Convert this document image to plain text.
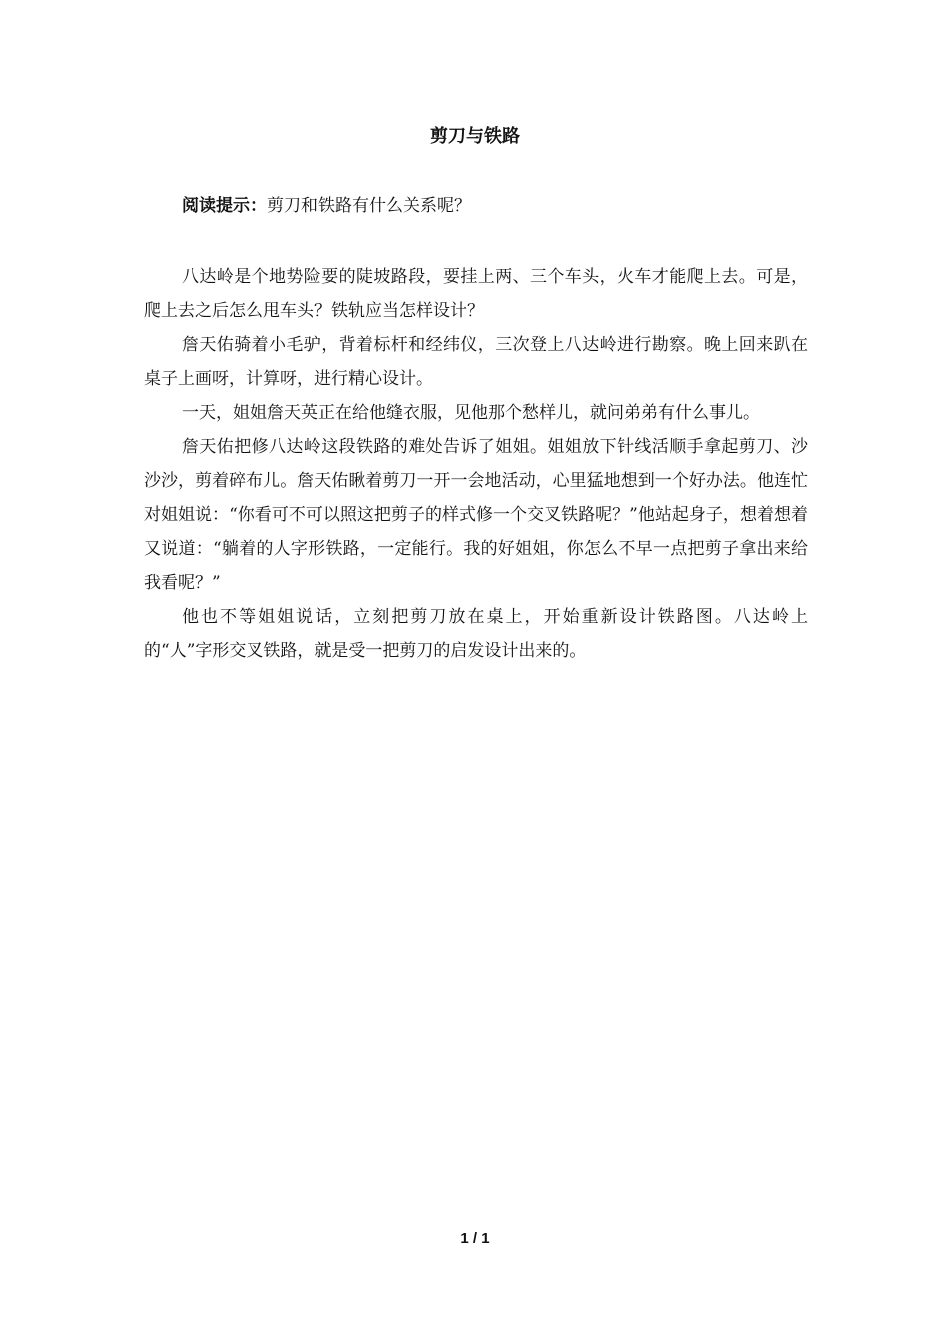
剪刀与铁路
阅读提示：剪刀和铁路有什么关系呢？

八达岭是个地势险要的陡坡路段，要挂上两、三个车头，火车才能爬上去。可是，爬上去之后怎么甩车头？铁轨应当怎样设计？

詹天佑骑着小毛驴，背着标杆和经纬仪，三次登上八达岭进行勘察。晚上回来趴在桌子上画呀，计算呀，进行精心设计。

一天，姐姐詹天英正在给他缝衣服，见他那个愁样儿，就问弟弟有什么事儿。

詹天佑把修八达岭这段铁路的难处告诉了姐姐。姐姐放下针线活顺手拿起剪刀、沙沙沙，剪着碎布儿。詹天佑瞅着剪刀一开一会地活动，心里猛地想到一个好办法。他连忙对姐姐说：“你看可不可以照这把剪子的样式修一个交叉铁路呢？”他站起身子，想着想着又说道：“躺着的人字形铁路，一定能行。我的好姐姐，你怎么不早一点把剪子拿出来给我看呢？”

他也不等姐姐说话，立刻把剪刀放在桌上，开始重新设计铁路图。八达岭上的“人”字形交叉铁路，就是受一把剪刀的启发设计出来的。

1 / 1
